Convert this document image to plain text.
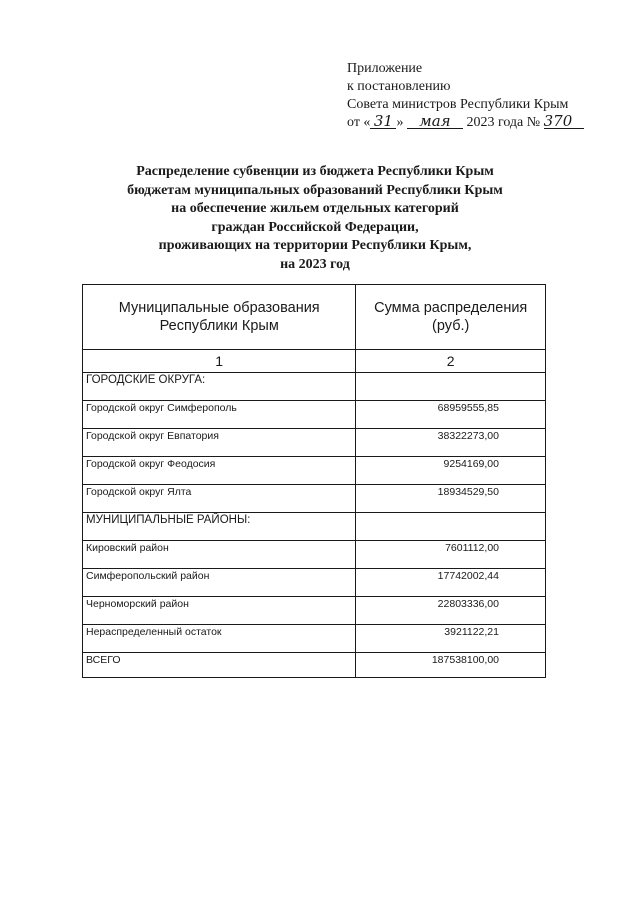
Приложение
к постановлению
Совета министров Республики Крым
от « 31 » мая 2023 года № 370
Распределение субвенции из бюджета Республики Крым
бюджетам муниципальных образований Республики Крым
на обеспечение жильем отдельных категорий
граждан Российской Федерации,
проживающих на территории Республики Крым,
на 2023 год
Муниципальные образования
Республики Крым	Сумма распределения (руб.)

1	2

ГОРОДСКИЕ ОКРУГА:	

Городской округ Симферополь	68959555,85

Городской округ Евпатория	38322273,00

Городской округ Феодосия	9254169,00

Городской округ Ялта	18934529,50

МУНИЦИПАЛЬНЫЕ РАЙОНЫ:	

Кировский район	7601112,00

Симферопольский район	17742002,44

Черноморский район	22803336,00

Нераспределенный остаток	3921122,21

ВСЕГО	187538100,00
